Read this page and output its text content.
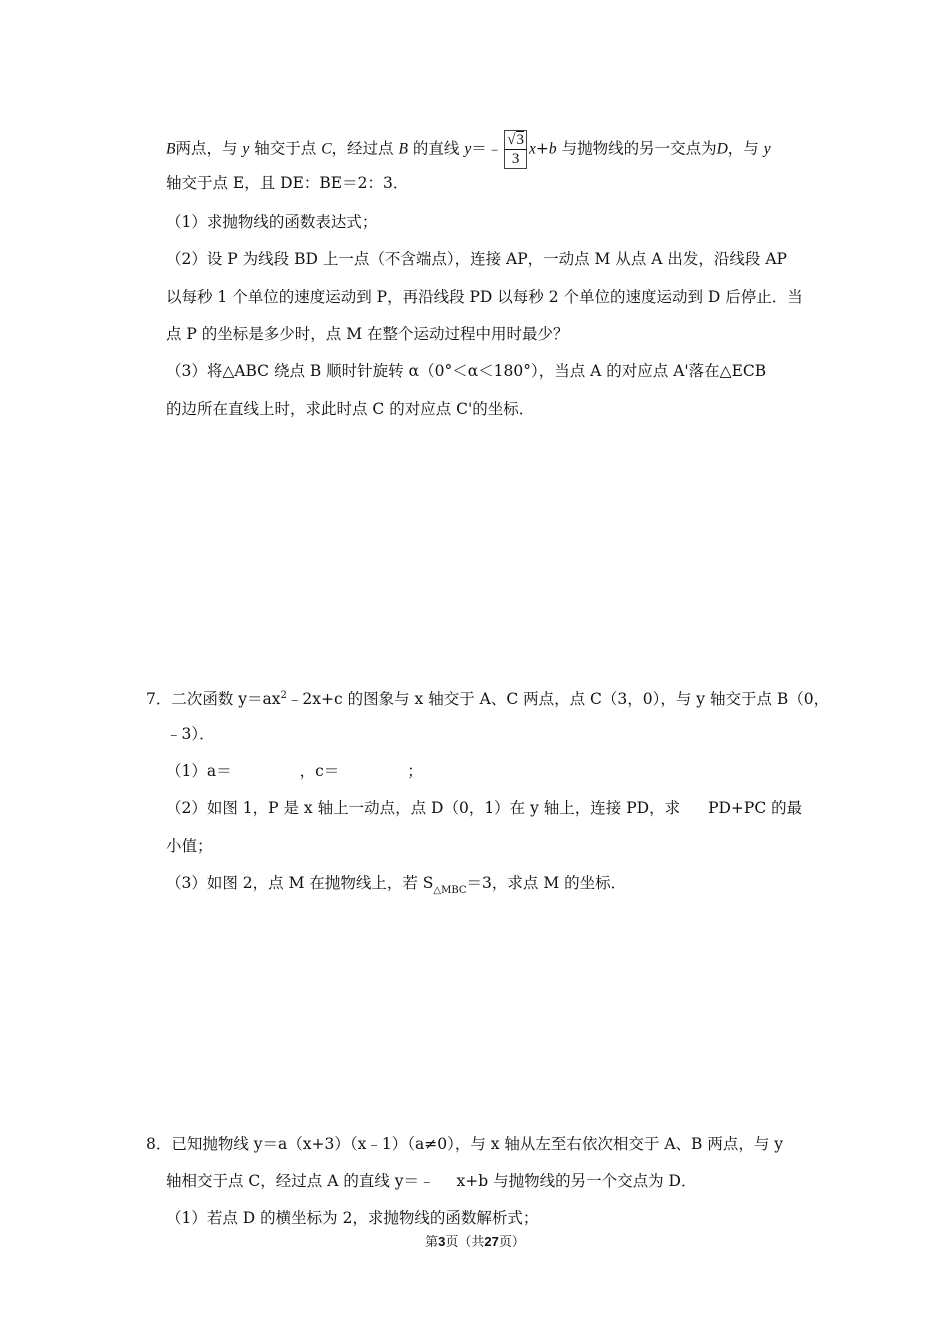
B两点，与 y 轴交于点 C，经过点 B 的直线 y＝﹣ $\frac{√3}{3} x+b$ 与抛物线的另一交点为D，与 y
轴交于点 E，且 DE：BE＝2：3．
（1）求抛物线的函数表达式；
（2）设 P 为线段 BD 上一点（不含端点），连接 AP，一动点 M 从点 A 出发，沿线段 AP
以每秒 1 个单位的速度运动到 P，再沿线段 PD 以每秒 2 个单位的速度运动到 D 后停止．当
点 P 的坐标是多少时，点 M 在整个运动过程中用时最少？
（3）将△ABC 绕点 B 顺时针旋转 α（0°＜α＜180°），当点 A 的对应点 A'落在△ECB
的边所在直线上时，求此时点 C 的对应点 C'的坐标．
7．二次函数 $y=ax^2﹣2x+c$ 的图象与 x 轴交于 A、C 两点，点 C（3，0），与 y 轴交于点 B（0，
﹣3）．
（1）a＝	，c＝	；
（2）如图 1，P 是 x 轴上一动点，点 D（0，1）在 y 轴上，连接 PD，求 PD+PC 的最
小值；
（3）如图 2，点 M 在抛物线上，若 $S_{\triangle MBC}=3$，求点 M 的坐标．
8．已知抛物线 y＝a（x+3）（x﹣1）（a≠0），与 x 轴从左至右依次相交于 A、B 两点，与 y
轴相交于点 C，经过点 A 的直线 y＝﹣ x+b 与抛物线的另一个交点为 D．
（1）若点 D 的横坐标为 2，求抛物线的函数解析式；
第3页（共27页）
